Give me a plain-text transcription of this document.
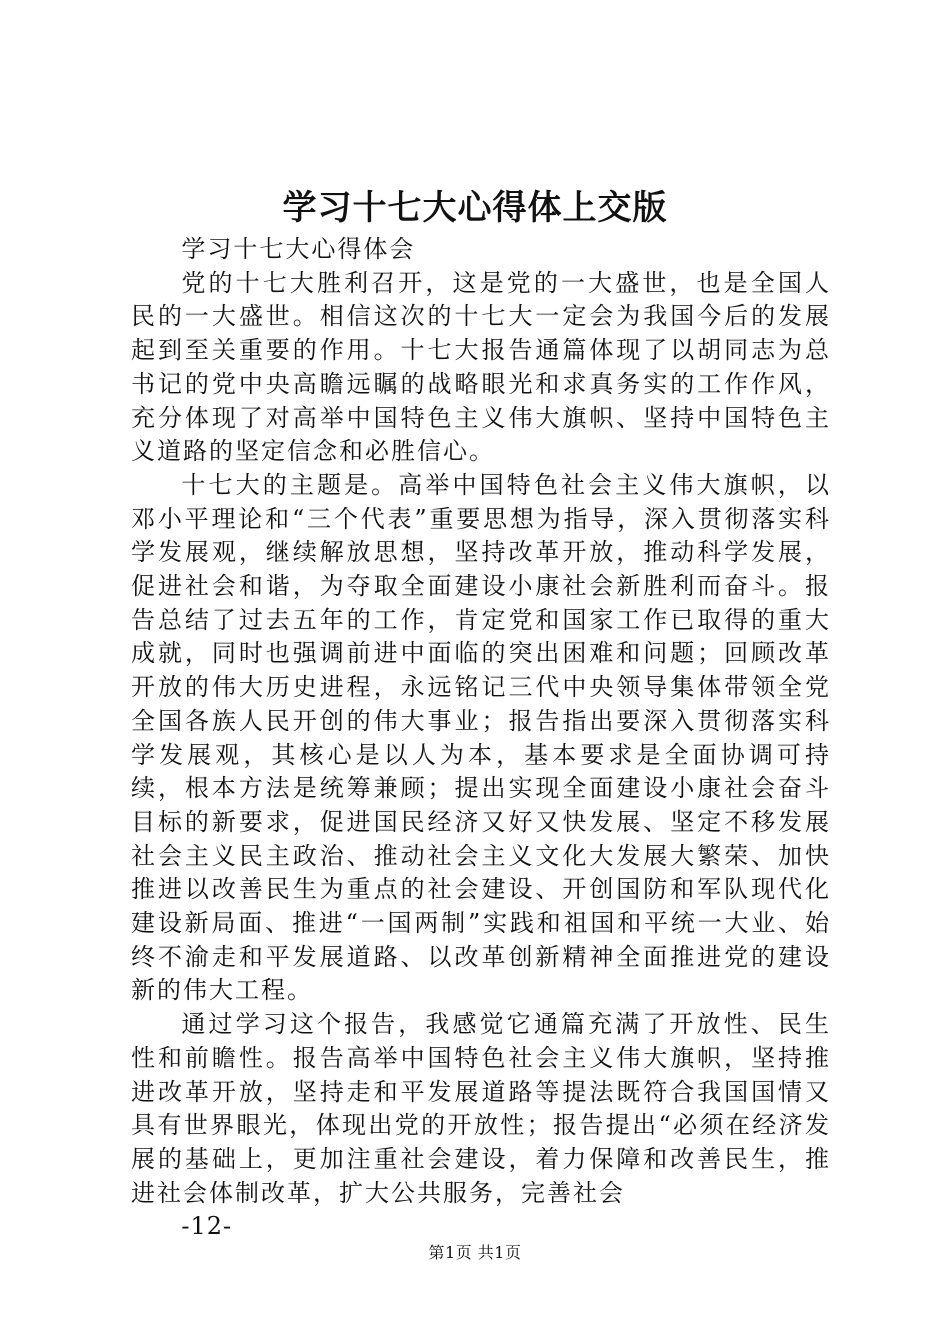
学习十七大心得体上交版

学习十七大心得体会

党的十七大胜利召开，这是党的一大盛世，也是全国人民的一大盛世。相信这次的十七大一定会为我国今后的发展起到至关重要的作用。十七大报告通篇体现了以胡同志为总书记的党中央高瞻远瞩的战略眼光和求真务实的工作作风，充分体现了对高举中国特色主义伟大旗帜、坚持中国特色主义道路的坚定信念和必胜信心。

十七大的主题是。高举中国特色社会主义伟大旗帜，以邓小平理论和“三个代表”重要思想为指导，深入贯彻落实科学发展观，继续解放思想，坚持改革开放，推动科学发展，促进社会和谐，为夺取全面建设小康社会新胜利而奋斗。报告总结了过去五年的工作，肯定党和国家工作已取得的重大成就，同时也强调前进中面临的突出困难和问题；回顾改革开放的伟大历史进程，永远铭记三代中央领导集体带领全党全国各族人民开创的伟大事业；报告指出要深入贯彻落实科学发展观，其核心是以人为本，基本要求是全面协调可持续，根本方法是统筹兼顾；提出实现全面建设小康社会奋斗目标的新要求，促进国民经济又好又快发展、坚定不移发展社会主义民主政治、推动社会主义文化大发展大繁荣、加快推进以改善民生为重点的社会建设、开创国防和军队现代化建设新局面、推进“一国两制”实践和祖国和平统一大业、始终不渝走和平发展道路、以改革创新精神全面推进党的建设新的伟大工程。

通过学习这个报告，我感觉它通篇充满了开放性、民生性和前瞻性。报告高举中国特色社会主义伟大旗帜，坚持推进改革开放，坚持走和平发展道路等提法既符合我国国情又具有世界眼光，体现出党的开放性；报告提出“必须在经济发展的基础上，更加注重社会建设，着力保障和改善民生，推进社会体制改革，扩大公共服务，完善社会

-12-

第1页 共1页
